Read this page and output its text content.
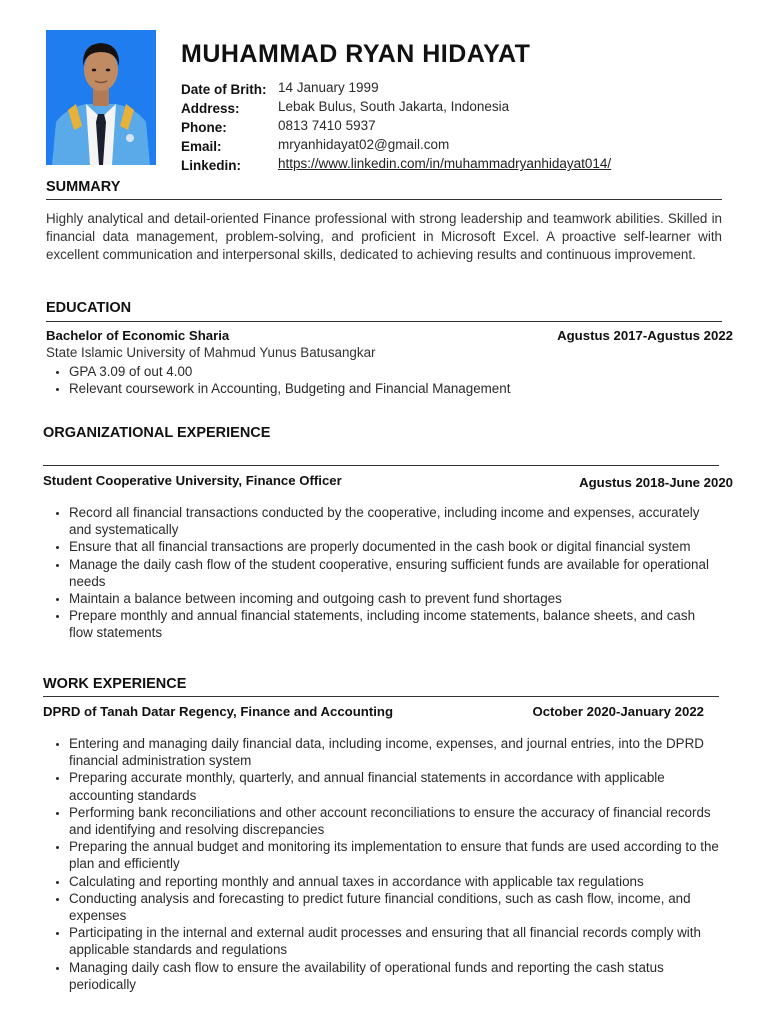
MUHAMMAD RYAN HIDAYAT
Date of Brith: 14 January 1999
Address:	Lebak Bulus, South Jakarta, Indonesia
Phone:	0813 7410 5937
Email:	mryanhidayat02@gmail.com
Linkedin:	https://www.linkedin.com/in/muhammadryanhidayat014/
SUMMARY

Highly analytical and detail-oriented Finance professional with strong leadership and teamwork abilities. Skilled in financial data management, problem-solving, and proficient in Microsoft Excel. A proactive self-learner with excellent communication and interpersonal skills, dedicated to achieving results and continuous improvement.

EDUCATION
Bachelor of Economic Sharia	Agustus 2017-Agustus 2022
State Islamic University of Mahmud Yunus Batusangkar
• GPA 3.09 of out 4.00
• Relevant coursework in Accounting, Budgeting and Financial Management
ORGANIZATIONAL EXPERIENCE
Student Cooperative University, Finance Officer	Agustus 2018-June 2020
• Record all financial transactions conducted by the cooperative, including income and expenses, accurately and systematically
• Ensure that all financial transactions are properly documented in the cash book or digital financial system
• Manage the daily cash flow of the student cooperative, ensuring sufficient funds are available for operational needs
• Maintain a balance between incoming and outgoing cash to prevent fund shortages
• Prepare monthly and annual financial statements, including income statements, balance sheets, and cash flow statements
WORK EXPERIENCE
DPRD of Tanah Datar Regency, Finance and Accounting	October 2020-January 2022
• Entering and managing daily financial data, including income, expenses, and journal entries, into the DPRD financial administration system
• Preparing accurate monthly, quarterly, and annual financial statements in accordance with applicable accounting standards
• Performing bank reconciliations and other account reconciliations to ensure the accuracy of financial records and identifying and resolving discrepancies
• Preparing the annual budget and monitoring its implementation to ensure that funds are used according to the plan and efficiently
• Calculating and reporting monthly and annual taxes in accordance with applicable tax regulations
• Conducting analysis and forecasting to predict future financial conditions, such as cash flow, income, and expenses
• Participating in the internal and external audit processes and ensuring that all financial records comply with applicable standards and regulations
• Managing daily cash flow to ensure the availability of operational funds and reporting the cash status periodically
